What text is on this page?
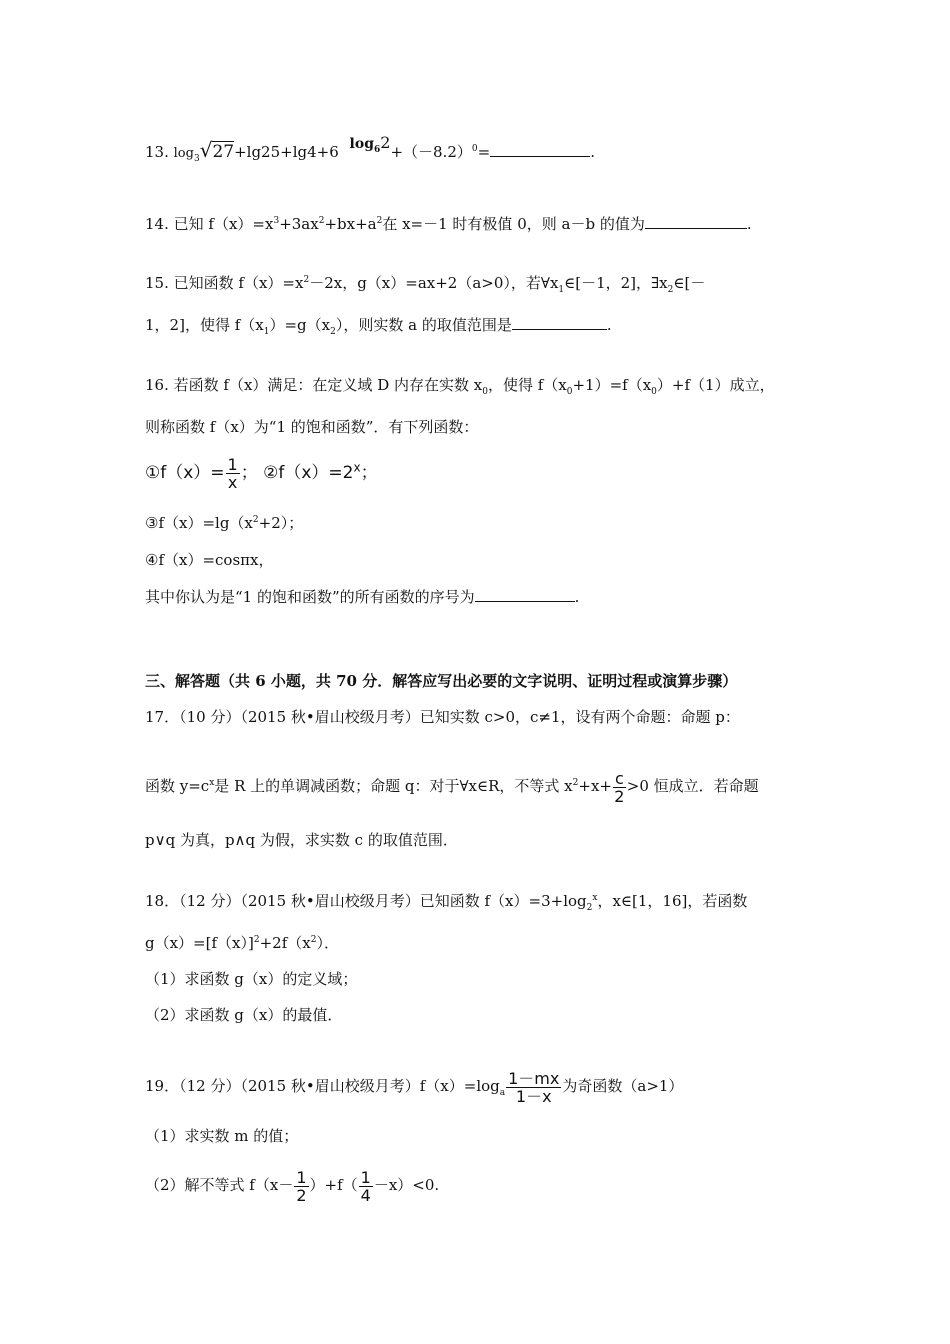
13. $\log_3√27+\lg 25+\lg 4+6$ $\log_62+(-8.2)^0=$	.
14. 已知 $f(x)=x^3+3ax^2+bx+a^2$在 x=－1 时有极值 0，则 a－b 的值为	.
15. 已知函数 $f(x)=x^2-2x$，g（x）=ax+2（a>0），若$\forall x_1\in[-1$，2]，$\exists x_2\in[-$
1，2]，使得 $f(x_1)=g(x_2)$，则实数 a 的取值范围是	.
16. 若函数 f（x）满足：在定义域 D 内存在实数 $x_0$，使得 $f(x_0+1)=f(x_0)+f(1)$成立，
则称函数 f（x）为“1 的饱和函数”．有下列函数：
①f（x）= $\frac{1}{x}$ ； $②f(x)=2^x$；
$③f(x)=\lg(x^2+2)$；
④f（x）=cosπx，
其中你认为是“1 的饱和函数”的所有函数的序号为	.
三、解答题（共 6 小题，共 70 分．解答应写出必要的文字说明、证明过程或演算步骤）
17．（10 分）（2015 秋•眉山校级月考）已知实数 c>0，c≠1，设有两个命题：命题 p：
函数 $y=c^x$是 R 上的单调减函数；命题 q：对于∀x∈R，不等式 $x^2+x+ \frac{c}{2} >0$ 恒成立．若命题
p∨q 为真，p∧q 为假，求实数 c 的取值范围．
18．（12 分）（2015 秋•眉山校级月考）已知函数 $f(x)=3+\log_2^x$，x∈[1，16]，若函数
$g(x)=[f(x)]^2+2f(x^2)$．
（1）求函数 g（x）的定义域；
（2）求函数 g（x）的最值．
19．（12 分）（2015 秋•眉山校级月考）$f(x)=\log_a \frac{1-mx}{1-x}$ 为奇函数（a>1）
（1）求实数 m 的值；
（2）解不等式 $f(x- \frac{1}{2} )+f( \frac{1}{4} -x)<0$.
